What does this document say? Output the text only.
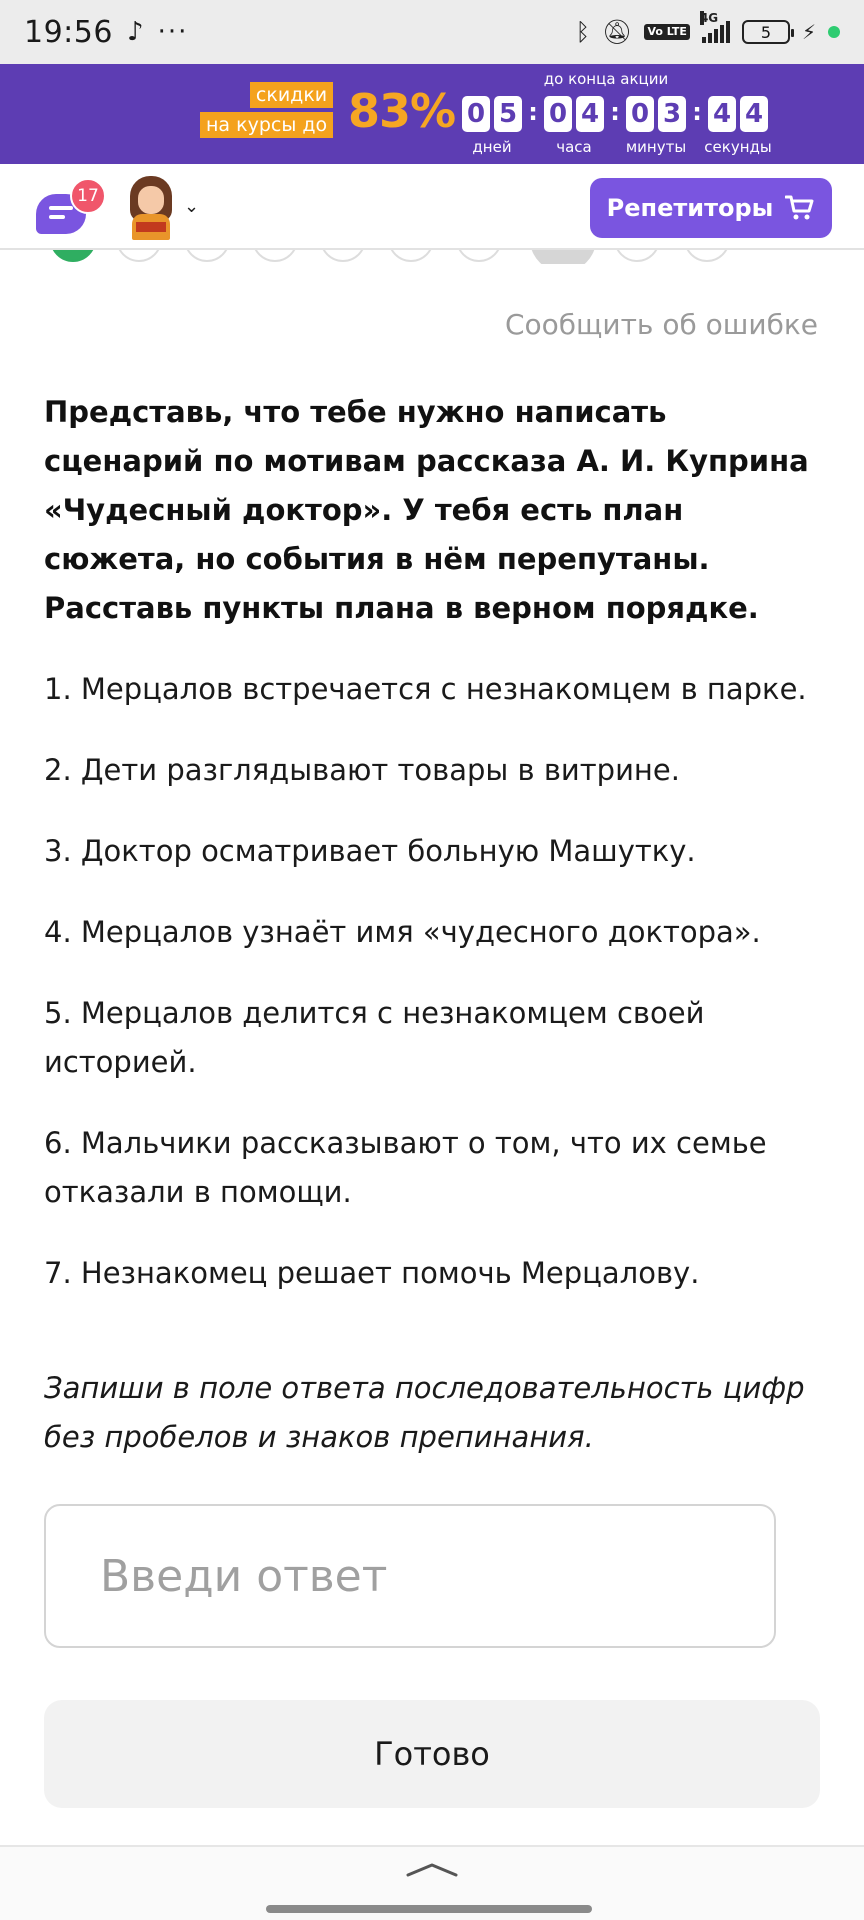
19:56 ♪ ···	ᛒ 🔕︎ Vo LTE
4G
5 ⚡︎
скидки
на курсы до 83%
до конца акции
0 5
дней
: 0 4
часа
: 0 3
минуты
: 4 4
секунды
17	⌄	Репетиторы
Сообщить об ошибке

Представь, что тебе нужно написать сценарий по мотивам рассказа А. И. Куприна «Чудесный доктор». У тебя есть план сюжета, но события в нём перепутаны. Расставь пункты плана в верном порядке.

1. Мерцалов встречается с незнакомцем в парке.

2. Дети разглядывают товары в витрине.

3. Доктор осматривает больную Машутку.

4. Мерцалов узнаёт имя «чудесного доктора».

5. Мерцалов делится с незнакомцем своей историей.

6. Мальчики рассказывают о том, что их семье отказали в помощи.

7. Незнакомец решает помочь Мерцалову.

Запиши в поле ответа последовательность цифр без пробелов и знаков препинания.

Введи ответ
Готово
